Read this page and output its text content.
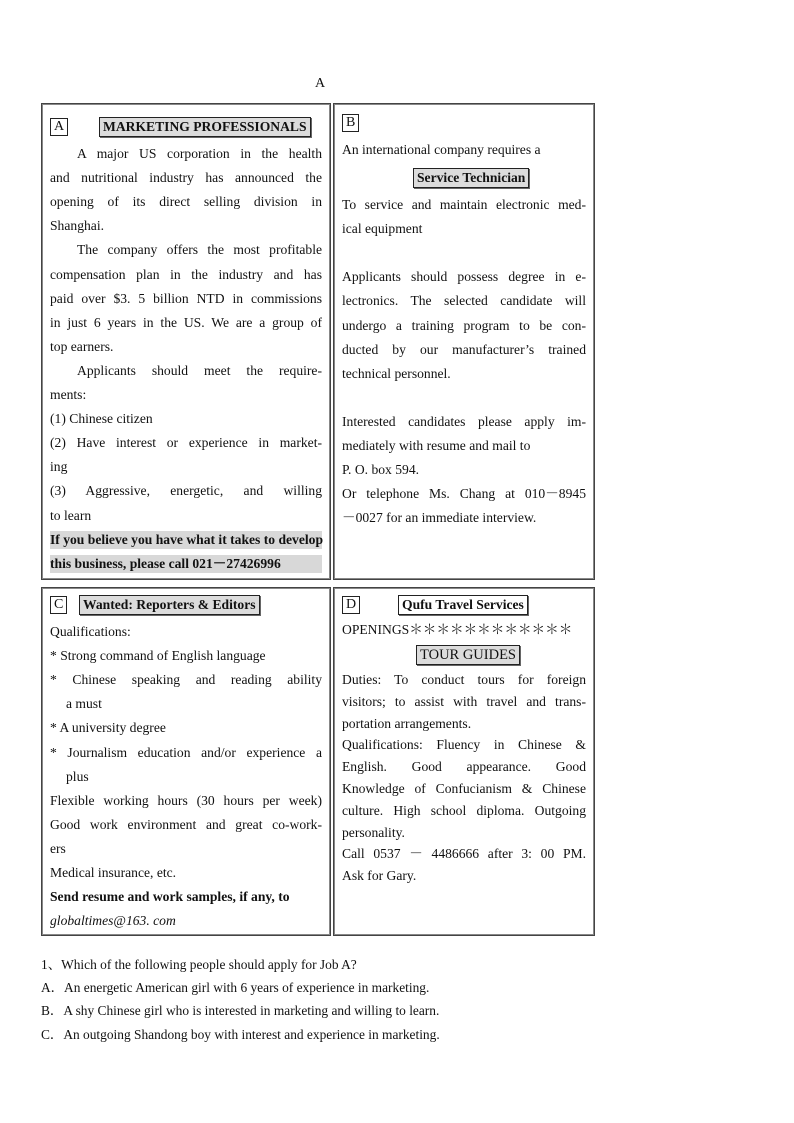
A
A	MARKETING PROFESSIONALS
A major US corporation in the health
and nutritional industry has announced the
opening of its direct selling division in
Shanghai.
The company offers the most profitable
compensation plan in the industry and has
paid over $3. 5 billion NTD in commissions
in just 6 years in the US. We are a group of
top earners.
Applicants should meet the require-
ments:
(1) Chinese citizen
(2) Have interest or experience in market-
ing
(3) Aggressive, energetic, and willing
to learn
If you believe you have what it takes to develop
this business, please call 021－27426996
B
An international company requires a
Service Technician
To service and maintain electronic med-
ical equipment
Applicants should possess degree in e-
lectronics. The selected candidate will
undergo a training program to be con-
ducted by our manufacturer’s trained
technical personnel.
Interested candidates please apply im-
mediately with resume and mail to
P. O. box 594.
Or telephone Ms. Chang at 010－8945
－0027 for an immediate interview.
C Wanted: Reporters & Editors
Qualifications:
* Strong command of English language
* Chinese speaking and reading ability
a must
* A university degree
* Journalism education and/or experience a
plus
Flexible working hours (30 hours per week)
Good work environment and great co-work-
ers
Medical insurance, etc.
Send resume and work samples, if any, to
globaltimes@163. com
D	Qufu Travel Services
OPENINGS＊＊＊＊＊＊＊＊＊＊＊＊
TOUR GUIDES
Duties: To conduct tours for foreign
visitors; to assist with travel and trans-
portation arrangements.
Qualifications: Fluency in Chinese &
English. Good appearance. Good
Knowledge of Confucianism & Chinese
culture. High school diploma. Outgoing
personality.
Call 0537 － 4486666 after 3: 00 PM.
Ask for Gary.
1、Which of the following people should apply for Job A?
A．An energetic American girl with 6 years of experience in marketing.
B．A shy Chinese girl who is interested in marketing and willing to learn.
C．An outgoing Shandong boy with interest and experience in marketing.
